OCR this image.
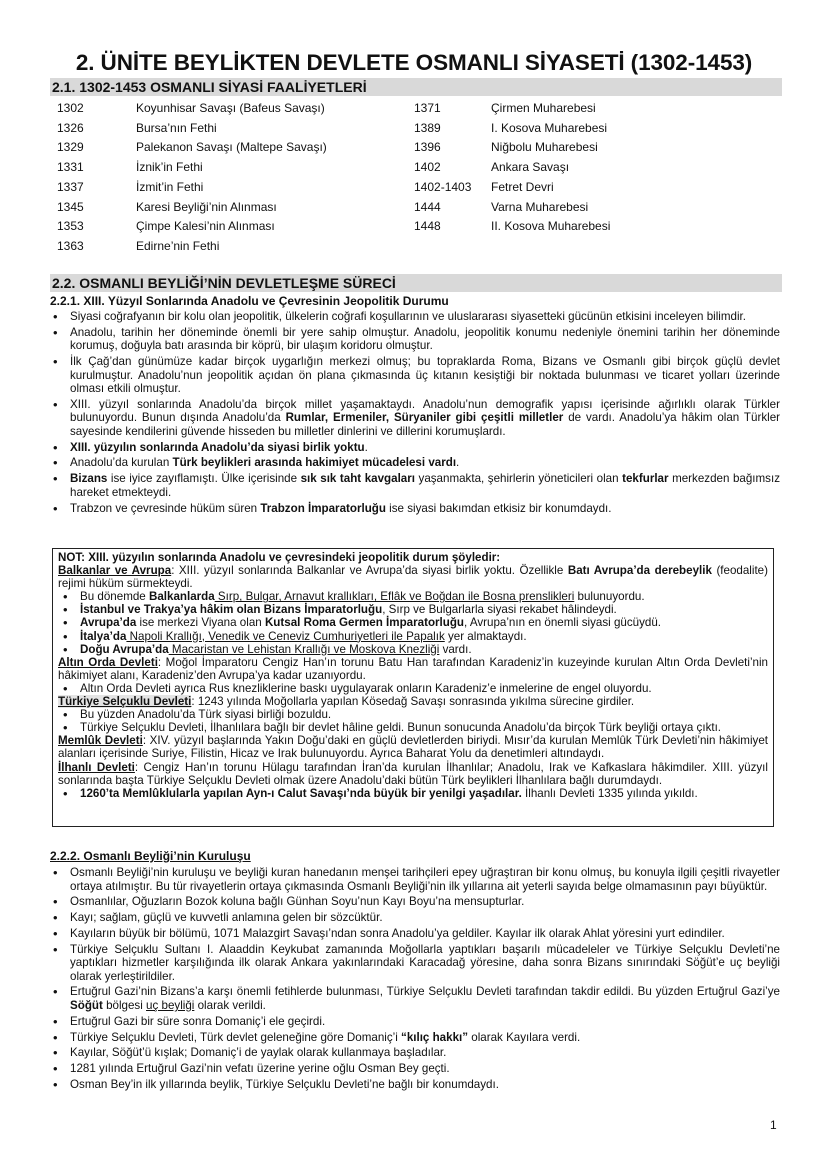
2. ÜNİTE BEYLİKTEN DEVLETE OSMANLI SİYASETİ (1302-1453)
2.1. 1302-1453 OSMANLI SİYASİ FAALİYETLERİ
1302	Koyunhisar Savaşı (Bafeus Savaşı)
1326	Bursa’nın Fethi
1329	Palekanon Savaşı (Maltepe Savaşı)
1331	İznik’in Fethi
1337	İzmit’in Fethi
1345	Karesi Beyliği’nin Alınması
1353	Çimpe Kalesi’nin Alınması
1363	Edirne’nin Fethi
1371	Çirmen Muharebesi
1389	I. Kosova Muharebesi
1396	Niğbolu Muharebesi
1402	Ankara Savaşı
1402-1403 Fetret Devri
1444	Varna Muharebesi
1448	II. Kosova Muharebesi
2.2. OSMANLI BEYLİĞİ’NİN DEVLETLEŞME SÜRECİ
2.2.1. XIII. Yüzyıl Sonlarında Anadolu ve Çevresinin Jeopolitik Durumu
• Siyasi coğrafyanın bir kolu olan jeopolitik, ülkelerin coğrafi koşullarının ve uluslararası siyasetteki gücünün etkisini inceleyen bilimdir.
• Anadolu, tarihin her döneminde önemli bir yere sahip olmuştur. Anadolu, jeopolitik konumu nedeniyle önemini tarihin her döneminde korumuş, doğuyla batı arasında bir köprü, bir ulaşım koridoru olmuştur.
• İlk Çağ’dan günümüze kadar birçok uygarlığın merkezi olmuş; bu topraklarda Roma, Bizans ve Osmanlı gibi birçok güçlü devlet kurulmuştur. Anadolu’nun jeopolitik açıdan ön plana çıkmasında üç kıtanın kesiştiği bir noktada bulunması ve ticaret yolları üzerinde olması etkili olmuştur.
• XIII. yüzyıl sonlarında Anadolu’da birçok millet yaşamaktaydı. Anadolu’nun demografik yapısı içerisinde ağırlıklı olarak Türkler bulunuyordu. Bunun dışında Anadolu’da Rumlar, Ermeniler, Süryaniler gibi çeşitli milletler de vardı. Anadolu’ya hâkim olan Türkler sayesinde kendilerini güvende hisseden bu milletler dinlerini ve dillerini korumuşlardı.
• XIII. yüzyılın sonlarında Anadolu’da siyasi birlik yoktu.
• Anadolu’da kurulan Türk beylikleri arasında hakimiyet mücadelesi vardı.
• Bizans ise iyice zayıflamıştı. Ülke içerisinde sık sık taht kavgaları yaşanmakta, şehirlerin yöneticileri olan tekfurlar merkezden bağımsız hareket etmekteydi.
• Trabzon ve çevresinde hüküm süren Trabzon İmparatorluğu ise siyasi bakımdan etkisiz bir konumdaydı.

NOT: XIII. yüzyılın sonlarında Anadolu ve çevresindeki jeopolitik durum şöyledir:

Balkanlar ve Avrupa: XIII. yüzyıl sonlarında Balkanlar ve Avrupa’da siyasi birlik yoktu. Özellikle Batı Avrupa’da derebeylik (feodalite) rejimi hüküm sürmekteydi.

• Bu dönemde Balkanlarda Sırp, Bulgar, Arnavut krallıkları, Eflâk ve Boğdan ile Bosna prenslikleri bulunuyordu.
• İstanbul ve Trakya’ya hâkim olan Bizans İmparatorluğu, Sırp ve Bulgarlarla siyasi rekabet hâlindeydi.
• Avrupa’da ise merkezi Viyana olan Kutsal Roma Germen İmparatorluğu, Avrupa’nın en önemli siyasi gücüydü.
• İtalya’da Napoli Krallığı, Venedik ve Ceneviz Cumhuriyetleri ile Papalık yer almaktaydı.
• Doğu Avrupa’da Macaristan ve Lehistan Krallığı ve Moskova Knezliği vardı.

Altın Orda Devleti: Moğol İmparatoru Cengiz Han’ın torunu Batu Han tarafından Karadeniz’in kuzeyinde kurulan Altın Orda Devleti’nin hâkimiyet alanı, Karadeniz’den Avrupa’ya kadar uzanıyordu.

• Altın Orda Devleti ayrıca Rus knezliklerine baskı uygulayarak onların Karadeniz’e inmelerine de engel oluyordu.

Türkiye Selçuklu Devleti: 1243 yılında Moğollarla yapılan Kösedağ Savaşı sonrasında yıkılma sürecine girdiler.

• Bu yüzden Anadolu’da Türk siyasi birliği bozuldu.
• Türkiye Selçuklu Devleti, İlhanlılara bağlı bir devlet hâline geldi. Bunun sonucunda Anadolu’da birçok Türk beyliği ortaya çıktı.

Memlûk Devleti: XIV. yüzyıl başlarında Yakın Doğu’daki en güçlü devletlerden biriydi. Mısır’da kurulan Memlûk Türk Devleti’nin hâkimiyet alanları içerisinde Suriye, Filistin, Hicaz ve Irak bulunuyordu. Ayrıca Baharat Yolu da denetimleri altındaydı.

İlhanlı Devleti: Cengiz Han’ın torunu Hülagu tarafından İran’da kurulan İlhanlılar; Anadolu, Irak ve Kafkaslara hâkimdiler. XIII. yüzyıl sonlarında başta Türkiye Selçuklu Devleti olmak üzere Anadolu’daki bütün Türk beylikleri İlhanlılara bağlı durumdaydı.

• 1260’ta Memlûklularla yapılan Ayn-ı Calut Savaşı’nda büyük bir yenilgi yaşadılar. İlhanlı Devleti 1335 yılında yıkıldı.
2.2.2. Osmanlı Beyliği’nin Kuruluşu
• Osmanlı Beyliği’nin kuruluşu ve beyliği kuran hanedanın menşei tarihçileri epey uğraştıran bir konu olmuş, bu konuyla ilgili çeşitli rivayetler ortaya atılmıştır. Bu tür rivayetlerin ortaya çıkmasında Osmanlı Beyliği’nin ilk yıllarına ait yeterli sayıda belge olmamasının payı büyüktür.
• Osmanlılar, Oğuzların Bozok koluna bağlı Günhan Soyu’nun Kayı Boyu’na mensupturlar.
• Kayı; sağlam, güçlü ve kuvvetli anlamına gelen bir sözcüktür.
• Kayıların büyük bir bölümü, 1071 Malazgirt Savaşı’ndan sonra Anadolu’ya geldiler. Kayılar ilk olarak Ahlat yöresini yurt edindiler.
• Türkiye Selçuklu Sultanı I. Alaaddin Keykubat zamanında Moğollarla yaptıkları başarılı mücadeleler ve Türkiye Selçuklu Devleti’ne yaptıkları hizmetler karşılığında ilk olarak Ankara yakınlarındaki Karacadağ yöresine, daha sonra Bizans sınırındaki Söğüt’e uç beyliği olarak yerleştirildiler.
• Ertuğrul Gazi’nin Bizans’a karşı önemli fetihlerde bulunması, Türkiye Selçuklu Devleti tarafından takdir edildi. Bu yüzden Ertuğrul Gazi’ye Söğüt bölgesi uç beyliği olarak verildi.
• Ertuğrul Gazi bir süre sonra Domaniç’i ele geçirdi.
• Türkiye Selçuklu Devleti, Türk devlet geleneğine göre Domaniç’i “kılıç hakkı” olarak Kayılara verdi.
• Kayılar, Söğüt’ü kışlak; Domaniç’i de yaylak olarak kullanmaya başladılar.
• 1281 yılında Ertuğrul Gazi’nin vefatı üzerine yerine oğlu Osman Bey geçti.
• Osman Bey’in ilk yıllarında beylik, Türkiye Selçuklu Devleti’ne bağlı bir konumdaydı.
1
